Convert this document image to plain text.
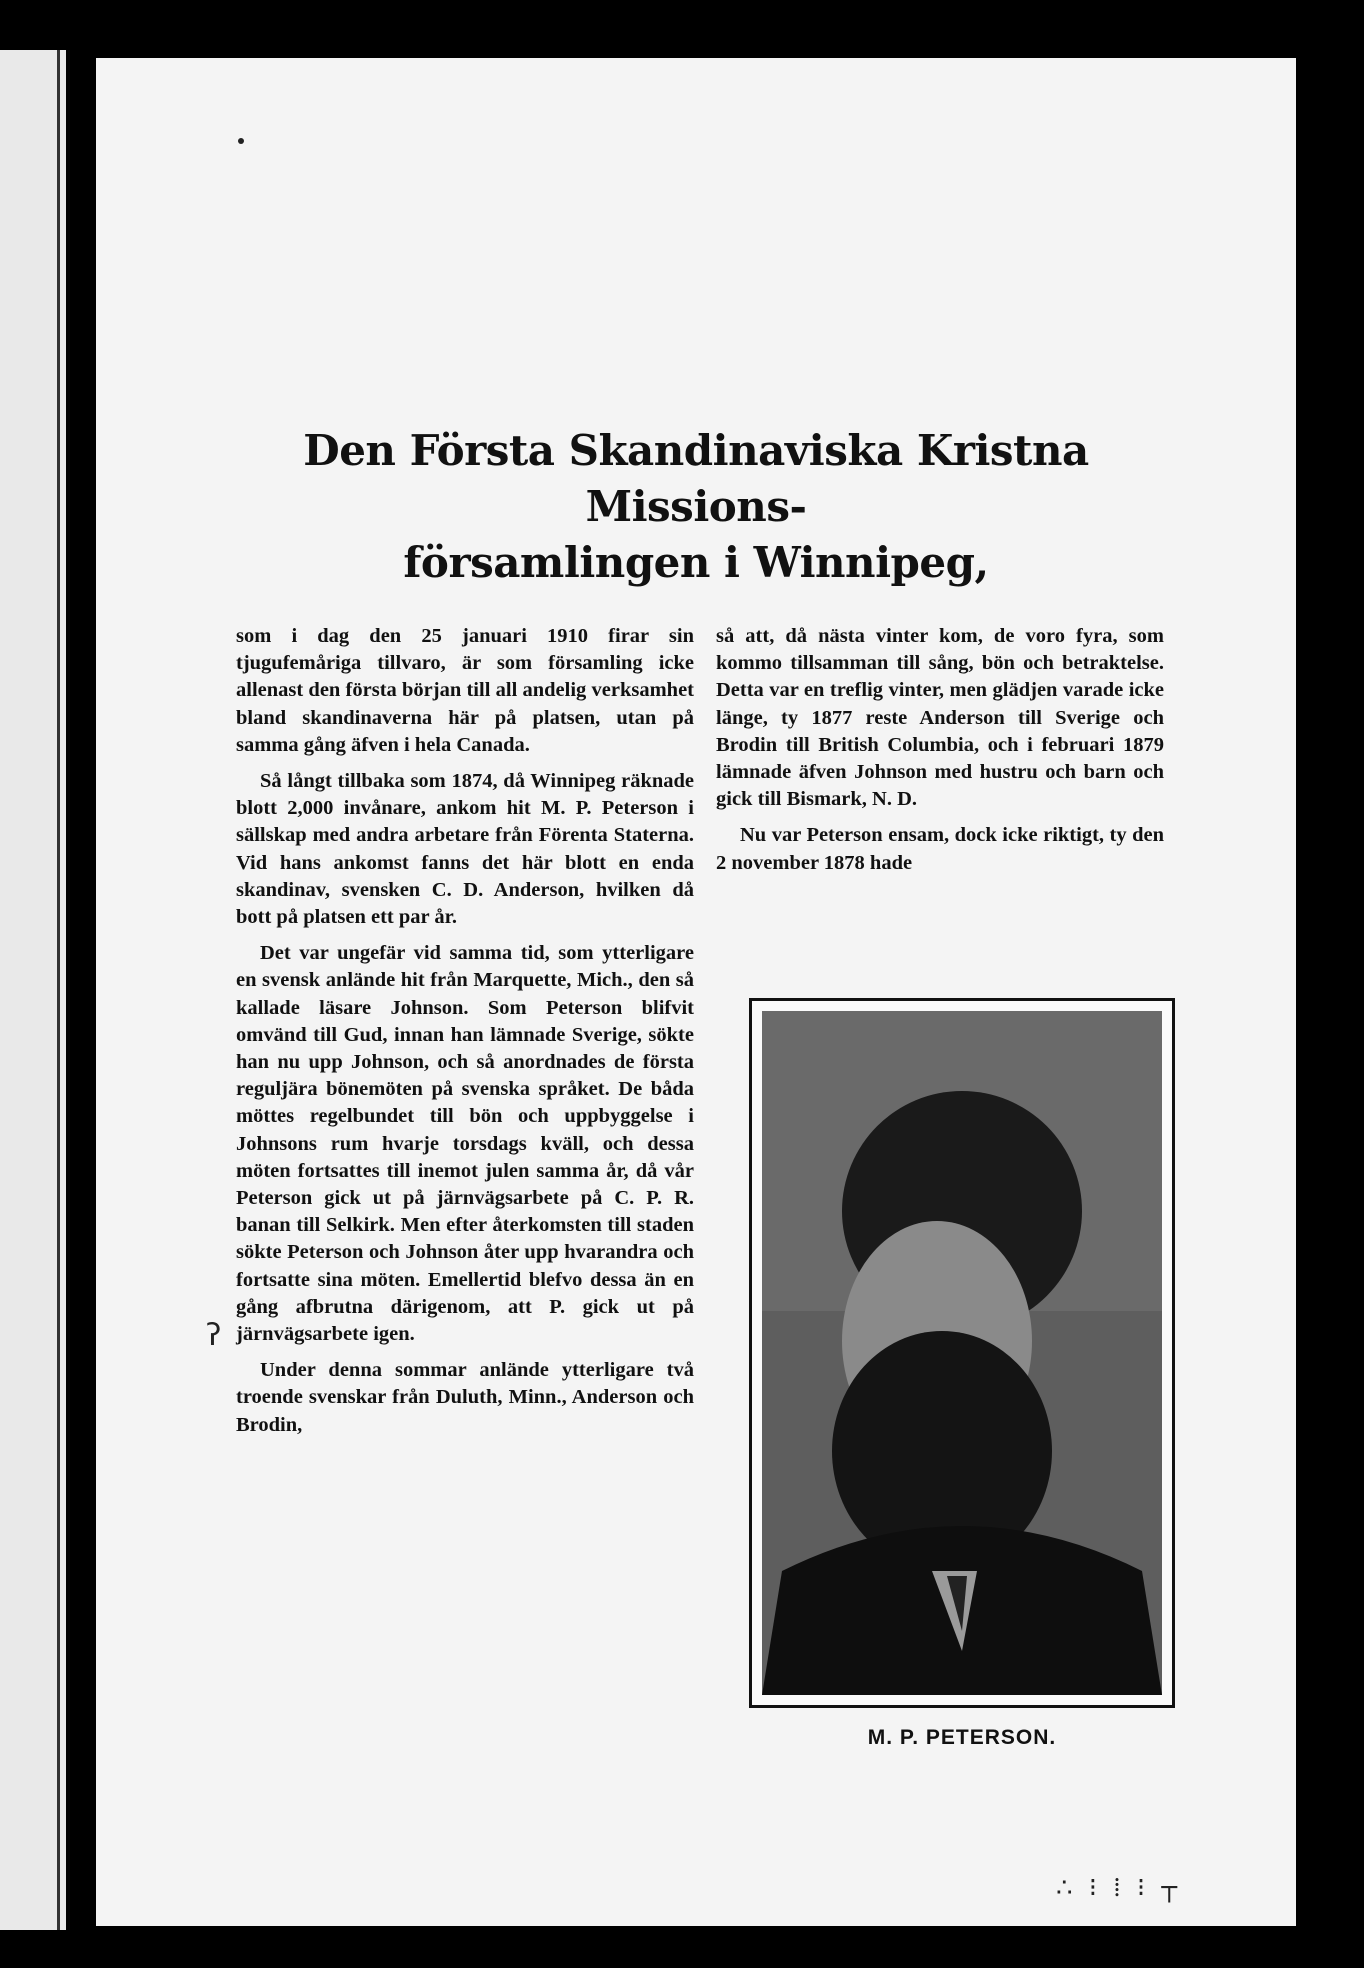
Den Första Skandinaviska Kristna Missions-
församlingen i Winnipeg,

som i dag den 25 januari 1910 firar sin tjugufemåriga tillvaro, är som församling icke allenast den första början till all andelig verksamhet bland skandinaverna här på platsen, utan på samma gång äfven i hela Canada.

Så långt tillbaka som 1874, då Winnipeg räknade blott 2,000 invånare, ankom hit M. P. Peterson i sällskap med andra arbetare från Förenta Staterna. Vid hans ankomst fanns det här blott en enda skandinav, svensken C. D. Anderson, hvilken då bott på platsen ett par år.

Det var ungefär vid samma tid, som ytterligare en svensk anlände hit från Marquette, Mich., den så kallade läsare Johnson. Som Peterson blifvit omvänd till Gud, innan han lämnade Sverige, sökte han nu upp Johnson, och så anordnades de första reguljära bönemöten på svenska språket. De båda möttes regelbundet till bön och uppbyggelse i Johnsons rum hvarje torsdags kväll, och dessa möten fortsattes till inemot julen samma år, då vår Peterson gick ut på järnvägsarbete på C. P. R. banan till Selkirk. Men efter återkomsten till staden sökte Peterson och Johnson åter upp hvarandra och fortsatte sina möten. Emellertid blefvo dessa än en gång afbrutna därigenom, att P. gick ut på järnvägsarbete igen.

Under denna sommar anlände ytterligare två troende svenskar från Duluth, Minn., Anderson och Brodin,

så att, då nästa vinter kom, de voro fyra, som kommo tillsamman till sång, bön och betraktelse. Detta var en treflig vinter, men glädjen varade icke länge, ty 1877 reste Anderson till Sverige och Brodin till British Columbia, och i februari 1879 lämnade äfven Johnson med hustru och barn och gick till Bismark, N. D.

Nu var Peterson ensam, dock icke riktigt, ty den 2 november 1878 hade

M. P. PETERSON.
ʔ
∴ ⁝ ⁞ ⁝ ┬
